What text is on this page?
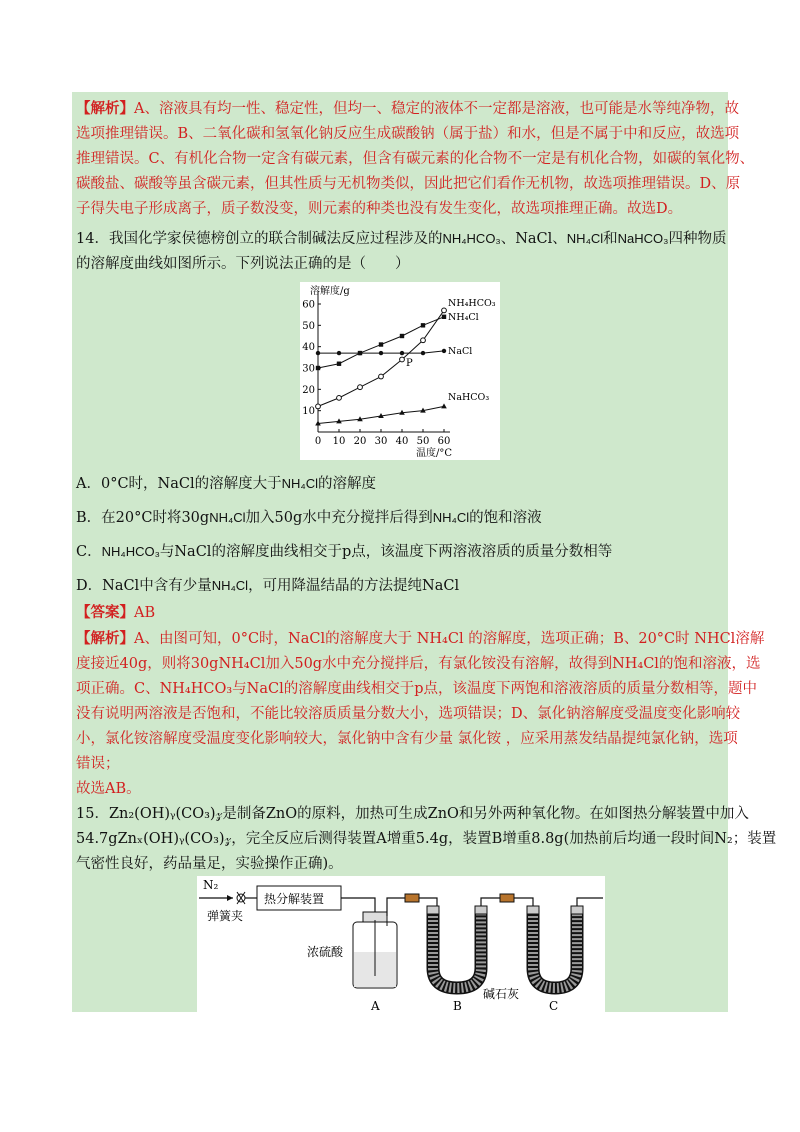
【解析】A、溶液具有均一性、稳定性，但均一、稳定的液体不一定都是溶液，也可能是水等纯净物，故
选项推理错误。B、二氧化碳和氢氧化钠反应生成碳酸钠（属于盐）和水，但是不属于中和反应，故选项
推理错误。C、有机化合物一定含有碳元素，但含有碳元素的化合物不一定是有机化合物，如碳的氧化物、
碳酸盐、碳酸等虽含碳元素，但其性质与无机物类似，因此把它们看作无机物，故选项推理错误。D、原
子得失电子形成离子，质子数没变，则元素的种类也没有发生变化，故选项推理正确。故选D。
14．我国化学家侯德榜创立的联合制碱法反应过程涉及的NH₄HCO₃、NaCl、NH₄Cl和NaHCO₃四种物质
的溶解度曲线如图所示。下列说法正确的是（　　）
溶解度/g
温度/°C
10
20
30
40
50
60
0 10 20 30 40 50 60
NH₄HCO₃
NH₄Cl
NaCl
NaHCO₃
P
A．0°C时，NaCl的溶解度大于NH₄Cl的溶解度
B．在20°C时将30gNH₄Cl加入50g水中充分搅拌后得到NH₄Cl的饱和溶液
C．NH₄HCO₃与NaCl的溶解度曲线相交于p点，该温度下两溶液溶质的质量分数相等
D．NaCl中含有少量NH₄Cl，可用降温结晶的方法提纯NaCl
【答案】AB
【解析】A、由图可知，0°C时，NaCl的溶解度大于 NH₄Cl 的溶解度，选项正确；B、20°C时 NHCl溶解
度接近40g，则将30gNH₄Cl加入50g水中充分搅拌后，有氯化铵没有溶解，故得到NH₄Cl的饱和溶液，选
项正确。C、NH₄HCO₃与NaCl的溶解度曲线相交于p点，该温度下两饱和溶液溶质的质量分数相等，题中
没有说明两溶液是否饱和，不能比较溶质质量分数大小，选项错误；D、氯化钠溶解度受温度变化影响较
小，氯化铵溶解度受温度变化影响较大，氯化钠中含有少量 氯化铵 ，应采用蒸发结晶提纯氯化钠，选项
错误；
故选AB。
15．Zn₂(OH)ᵧ(CO₃)𝓏是制备ZnO的原料，加热可生成ZnO和另外两种氧化物。在如图热分解装置中加入
54.7gZnₓ(OH)ᵧ(CO₃)𝓏，完全反应后测得装置A增重5.4g，装置B增重8.8g(加热前后均通一段时间N₂；装置
气密性良好，药品量足，实验操作正确)。
N₂
弹簧夹
热分解装置
浓硫酸
A	B
碱石灰
C
